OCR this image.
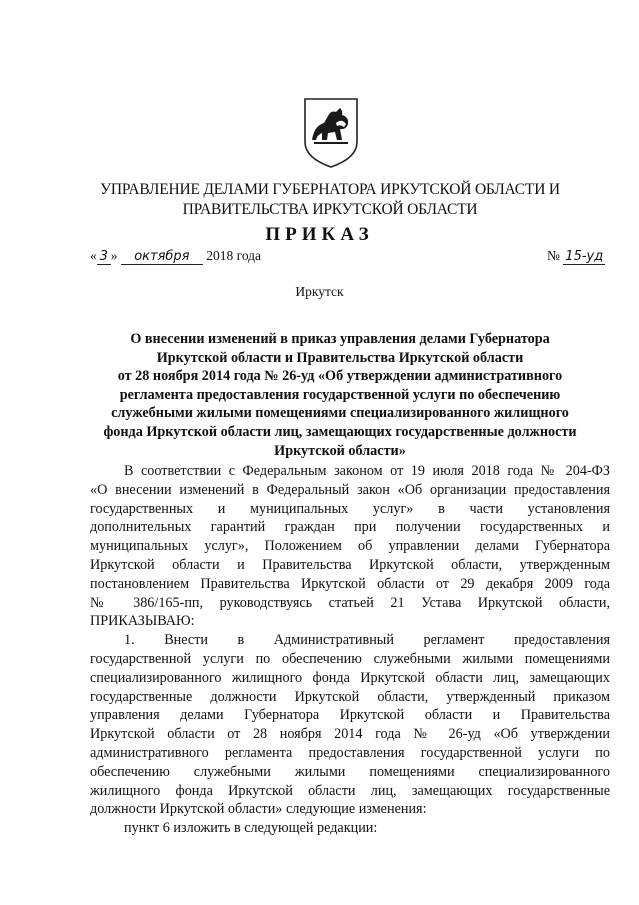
УПРАВЛЕНИЕ ДЕЛАМИ ГУБЕРНАТОРА ИРКУТСКОЙ ОБЛАСТИ И
ПРАВИТЕЛЬСТВА ИРКУТСКОЙ ОБЛАСТИ
ПРИКАЗ
« 3 » октября 2018 года	№ 15-уд
Иркутск
О внесении изменений в приказ управления делами Губернатора
Иркутской области и Правительства Иркутской области
от 28 ноября 2014 года № 26-уд «Об утверждении административного
регламента предоставления государственной услуги по обеспечению
служебными жилыми помещениями специализированного жилищного
фонда Иркутской области лиц, замещающих государственные должности
Иркутской области»
В соответствии с Федеральным законом от 19 июля 2018 года № 204-ФЗ
«О внесении изменений в Федеральный закон «Об организации предоставления
государственных и муниципальных услуг» в части установления
дополнительных гарантий граждан при получении государственных и
муниципальных услуг», Положением об управлении делами Губернатора
Иркутской области и Правительства Иркутской области, утвержденным
постановлением Правительства Иркутской области от 29 декабря 2009 года
№ 386/165-пп, руководствуясь статьей 21 Устава Иркутской области,
ПРИКАЗЫВАЮ:
1. Внести в Административный регламент предоставления
государственной услуги по обеспечению служебными жилыми помещениями
специализированного жилищного фонда Иркутской области лиц, замещающих
государственные должности Иркутской области, утвержденный приказом
управления делами Губернатора Иркутской области и Правительства
Иркутской области от 28 ноября 2014 года № 26-уд «Об утверждении
административного регламента предоставления государственной услуги по
обеспечению служебными жилыми помещениями специализированного
жилищного фонда Иркутской области лиц, замещающих государственные
должности Иркутской области» следующие изменения:
пункт 6 изложить в следующей редакции:
